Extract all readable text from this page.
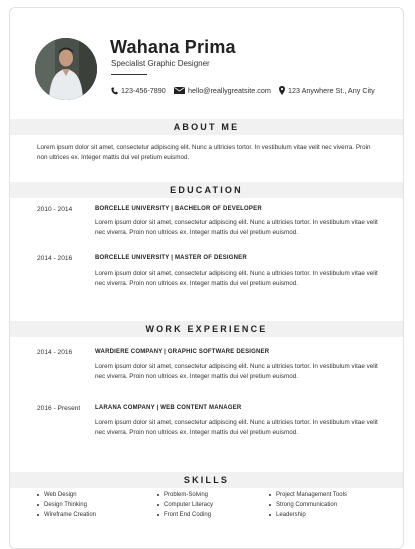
Wahana Prima
Specialist Graphic Designer
123-456-7890	hello@reallygreatsite.com 123 Anywhere St., Any City
ABOUT ME
Lorem ipsum dolor sit amet, consectetur adipiscing elit. Nunc a ultricies tortor. In vestibulum vitae velit nec viverra. Proin non ultrices ex. Integer mattis dui vel pretium euismod.
EDUCATION
2010 - 2014	BORCELLE UNIVERSITY | BACHELOR OF DEVELOPER
Lorem ipsum dolor sit amet, consectetur adipiscing elit. Nunc a ultricies tortor. In vestibulum vitae velit nec viverra. Proin non ultrices ex. Integer mattis dui vel pretium euismod.
2014 - 2016	BORCELLE UNIVERSITY | MASTER OF DESIGNER
Lorem ipsum dolor sit amet, consectetur adipiscing elit. Nunc a ultricies tortor. In vestibulum vitae velit nec viverra. Proin non ultrices ex. Integer mattis dui vel pretium euismod.
WORK EXPERIENCE
2014 - 2016	WARDIERE COMPANY | GRAPHIC SOFTWARE DESIGNER
Lorem ipsum dolor sit amet, consectetur adipiscing elit. Nunc a ultricies tortor. In vestibulum vitae velit nec viverra. Proin non ultrices ex. Integer mattis dui vel pretium euismod.
2016 - Present LARANA COMPANY | WEB CONTENT MANAGER
Lorem ipsum dolor sit amet, consectetur adipiscing elit. Nunc a ultricies tortor. In vestibulum vitae velit nec viverra. Proin non ultrices ex. Integer mattis dui vel pretium euismod.
SKILLS
Web Design	Problem-Solving	Project Management Tools
Design Thinking	Computer Literacy	Strong Communication
Wireframe Creation	Front End Coding	Leadership
